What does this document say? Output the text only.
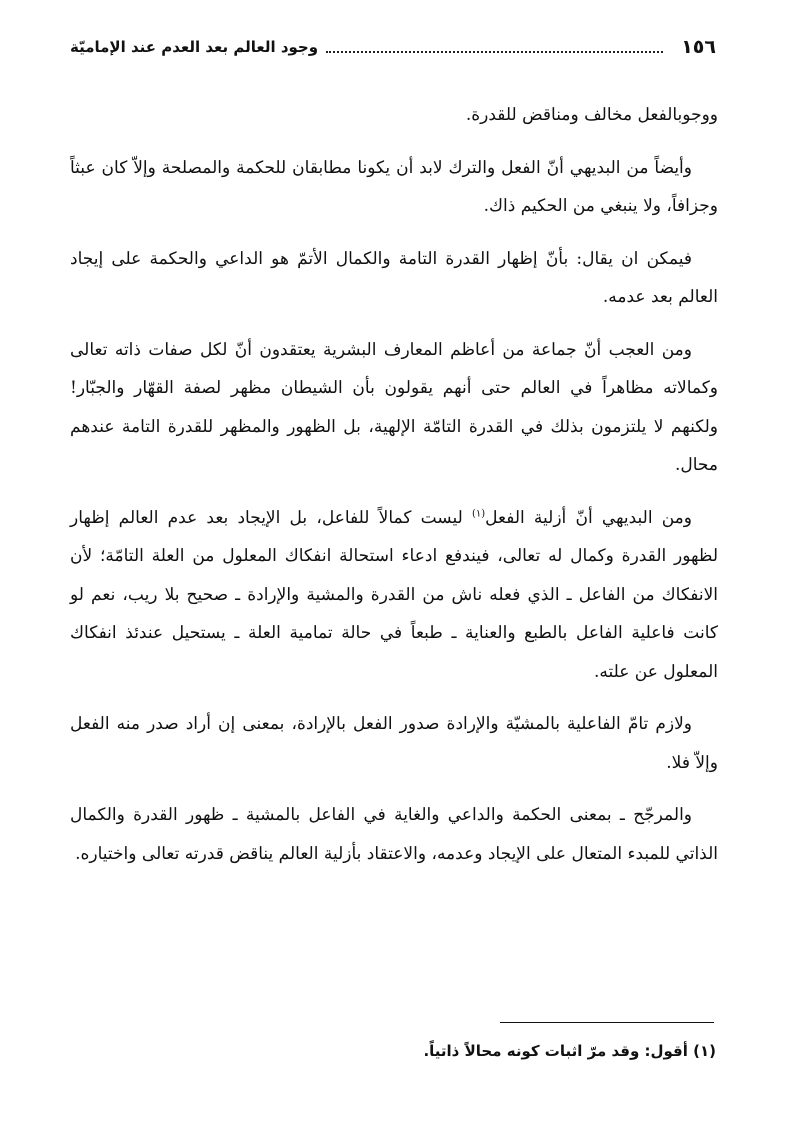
١٥٦
وجود العالم بعد العدم عند الإماميّة

ووجوبالفعل مخالف ومناقض للقدرة.

وأيضاً من البديهي أنّ الفعل والترك لابد أن يكونا مطابقان للحكمة والمصلحة وإلاّ كان عبثاً وجزافاً، ولا ينبغي من الحكيم ذاك.

فيمكن ان يقال: بأنّ إظهار القدرة التامة والكمال الأتمّ هو الداعي والحكمة على إيجاد العالم بعد عدمه.

ومن العجب أنّ جماعة من أعاظم المعارف البشرية يعتقدون أنّ لكل صفات ذاته تعالى وكمالاته مظاهراً في العالم حتى أنهم يقولون بأن الشيطان مظهر لصفة القهّار والجبّار! ولكنهم لا يلتزمون بذلك في القدرة التامّة الإلهية، بل الظهور والمظهر للقدرة التامة عندهم محال.

ومن البديهي أنّ أزلية الفعل$^{(١)}$ ليست كمالاً للفاعل، بل الإيجاد بعد عدم العالم إظهار لظهور القدرة وكمال له تعالى، فيندفع ادعاء استحالة انفكاك المعلول من العلة التامّة؛ لأن الانفكاك من الفاعل ـ الذي فعله ناش من القدرة والمشية والإرادة ـ صحيح بلا ريب، نعم لو كانت فاعلية الفاعل بالطبع والعناية ـ طبعاً في حالة تمامية العلة ـ يستحيل عندئذ انفكاك المعلول عن علته.

ولازم تامّ الفاعلية بالمشيّة والإرادة صدور الفعل بالإرادة، بمعنى إن أراد صدر منه الفعل وإلاّ فلا.

والمرجّح ـ بمعنى الحكمة والداعي والغاية في الفاعل بالمشية ـ ظهور القدرة والكمال الذاتي للمبدء المتعال على الإيجاد وعدمه، والاعتقاد بأزلية العالم يناقض قدرته تعالى واختياره.

(١) أقول: وقد مرّ اثبات كونه محالاً ذاتياً.
